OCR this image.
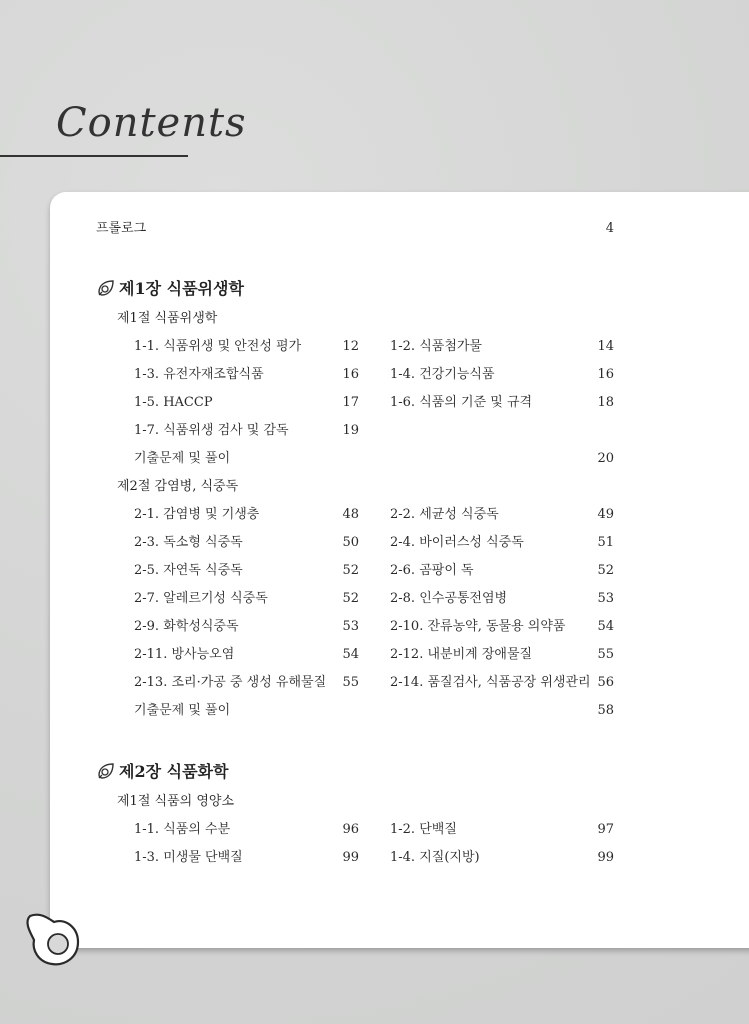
Contents
프롤로그	4
제1장 식품위생학
제1절 식품위생학
1-1. 식품위생 및 안전성 평가	12 1-2. 식품첨가물	14
1-3. 유전자재조합식품	16 1-4. 건강기능식품	16
1-5. HACCP	17 1-6. 식품의 기준 및 규격	18
1-7. 식품위생 검사 및 감독	19
기출문제 및 풀이	20
제2절 감염병, 식중독
2-1. 감염병 및 기생충	48 2-2. 세균성 식중독	49
2-3. 독소형 식중독	50 2-4. 바이러스성 식중독	51
2-5. 자연독 식중독	52 2-6. 곰팡이 독	52
2-7. 알레르기성 식중독	52 2-8. 인수공통전염병	53
2-9. 화학성식중독	53 2-10. 잔류농약, 동물용 의약품	54
2-11. 방사능오염	54 2-12. 내분비계 장애물질	55
2-13. 조리·가공 중 생성 유해물질	55 2-14. 품질검사, 식품공장 위생관리 56
기출문제 및 풀이	58
제2장 식품화학
제1절 식품의 영양소
1-1. 식품의 수분	96 1-2. 단백질	97
1-3. 미생물 단백질	99 1-4. 지질(지방)	99
